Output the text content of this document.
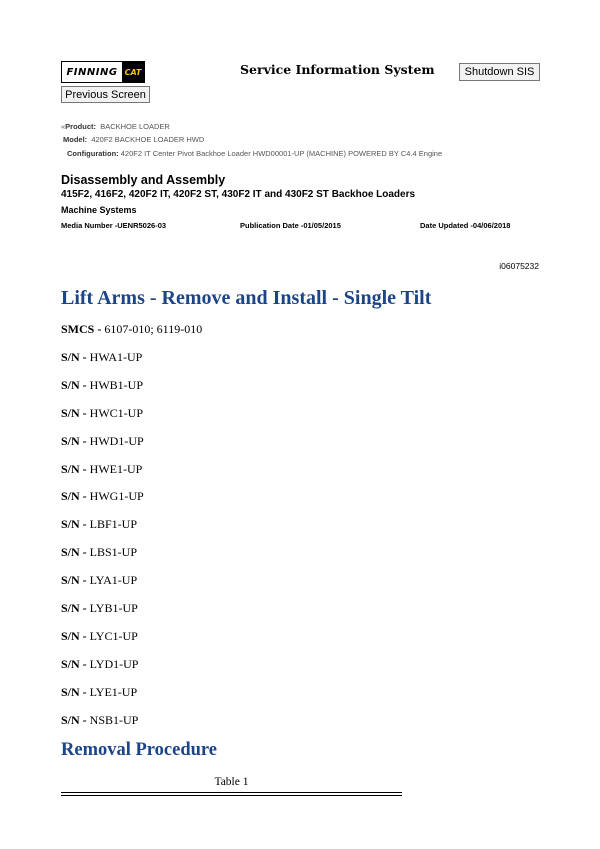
FINNING CAT	Service Information System	Shutdown SIS
Previous Screen
«Product: BACKHOE LOADER
Model: 420F2 BACKHOE LOADER HWD
Configuration: 420F2 IT Center Pivot Backhoe Loader HWD00001-UP (MACHINE) POWERED BY C4.4 Engine
Disassembly and Assembly
415F2, 416F2, 420F2 IT, 420F2 ST, 430F2 IT and 430F2 ST Backhoe Loaders
Machine Systems
Media Number -UENR5026-03	Publication Date -01/05/2015	Date Updated -04/06/2018
i06075232
Lift Arms - Remove and Install - Single Tilt
SMCS - 6107-010; 6119-010
S/N - HWA1-UP
S/N - HWB1-UP
S/N - HWC1-UP
S/N - HWD1-UP
S/N - HWE1-UP
S/N - HWG1-UP
S/N - LBF1-UP
S/N - LBS1-UP
S/N - LYA1-UP
S/N - LYB1-UP
S/N - LYC1-UP
S/N - LYD1-UP
S/N - LYE1-UP
S/N - NSB1-UP
Removal Procedure
Table 1
